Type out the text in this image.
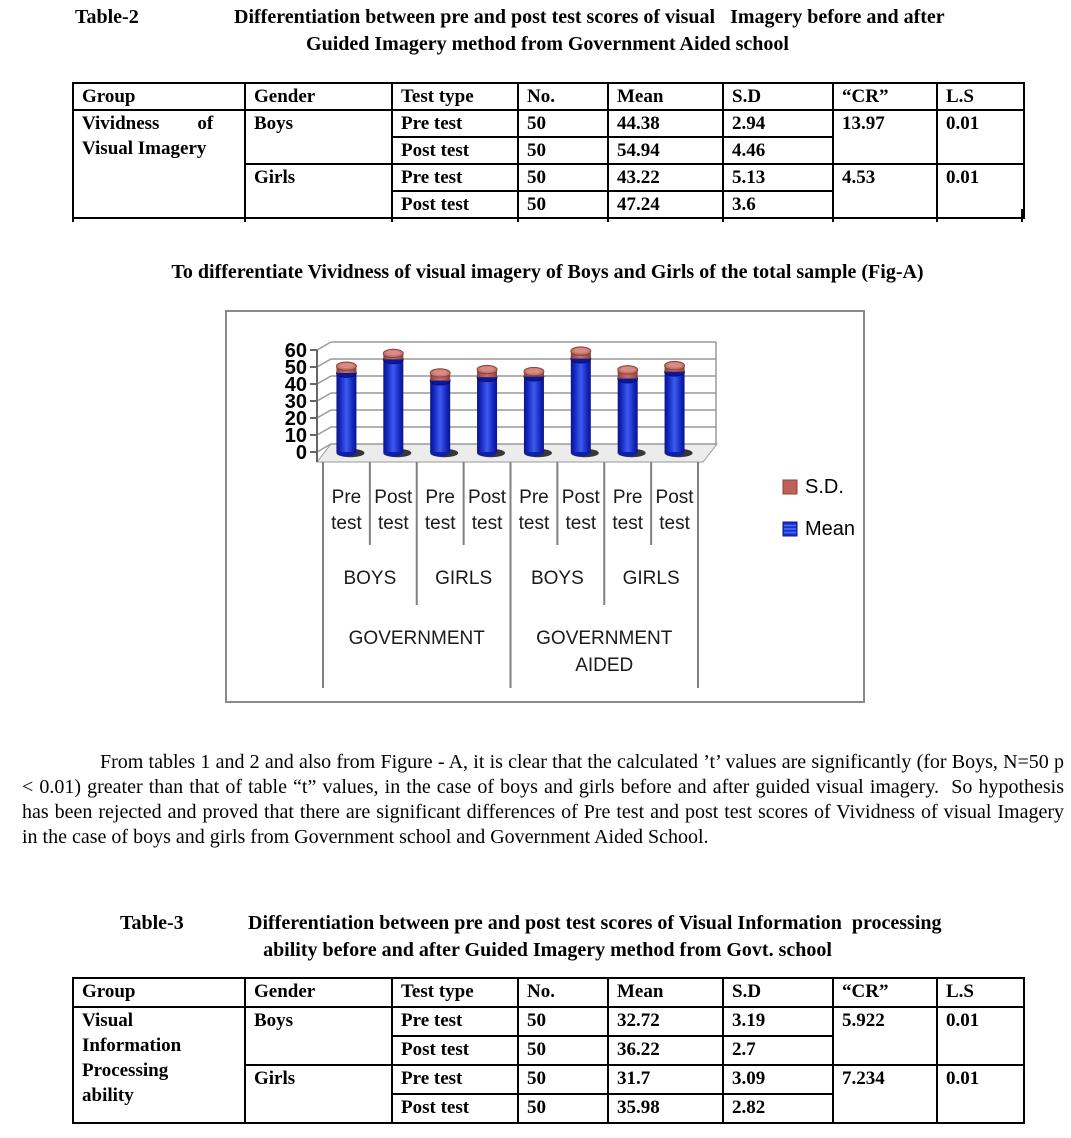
Table-2	Differentiation between pre and post test scores of visual   Imagery before and after
Guided Imagery method from Government Aided school
Group	Gender	Test type	No.	Mean	S.D	“CR”	L.S

Vividness        of
Visual Imagery	Boys	Pre test	50	44.38	2.94	13.97	0.01
		Post test	50	54.94	4.46		
	Girls	Pre test	50	43.22	5.13	4.53	0.01
		Post test	50	47.24	3.6		
To differentiate Vividness of visual imagery of Boys and Girls of the total sample (Fig-A)
0
10
20
30
40
50
60
Pre
test
Post
test
Pre
test
Post
test
Pre
test
Post
test
Pre
test
Post
test
BOYS GIRLS BOYS GIRLS
GOVERNMENT	GOVERNMENT
AIDED
S.D.
Mean

From tables 1 and 2 and also from Figure - A, it is clear that the calculated ’t’ values are significantly (for Boys, N=50 p < 0.01) greater than that of table “t” values, in the case of boys and girls before and after guided visual imagery.  So hypothesis has been rejected and proved that there are significant differences of Pre test and post test scores of Vividness of visual Imagery in the case of boys and girls from Government school and Government Aided School.

Table-3	Differentiation between pre and post test scores of Visual Information  processing
ability before and after Guided Imagery method from Govt. school
Group	Gender	Test type	No.	Mean	S.D	“CR”	L.S

Visual
Information
Processing
ability	Boys	Pre test	50	32.72	3.19	5.922	0.01
		Post test	50	36.22	2.7		
	Girls	Pre test	50	31.7	3.09	7.234	0.01
		Post test	50	35.98	2.82		
